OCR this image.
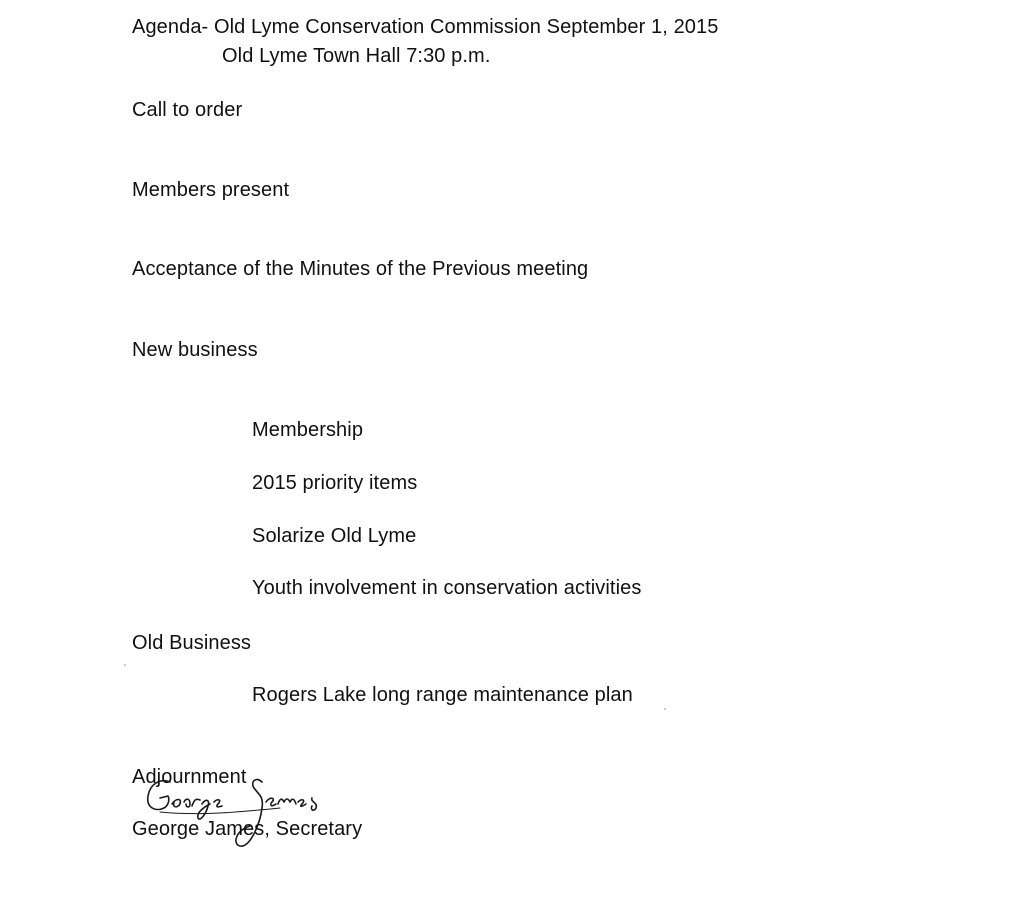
Agenda- Old Lyme Conservation Commission September 1, 2015
Old Lyme Town Hall 7:30 p.m.
Call to order
Members present
Acceptance of the Minutes of the Previous meeting
New business
Membership
2015 priority items
Solarize Old Lyme
Youth involvement in conservation activities
Old Business
Rogers Lake long range maintenance plan
Adjournment
George James, Secretary
